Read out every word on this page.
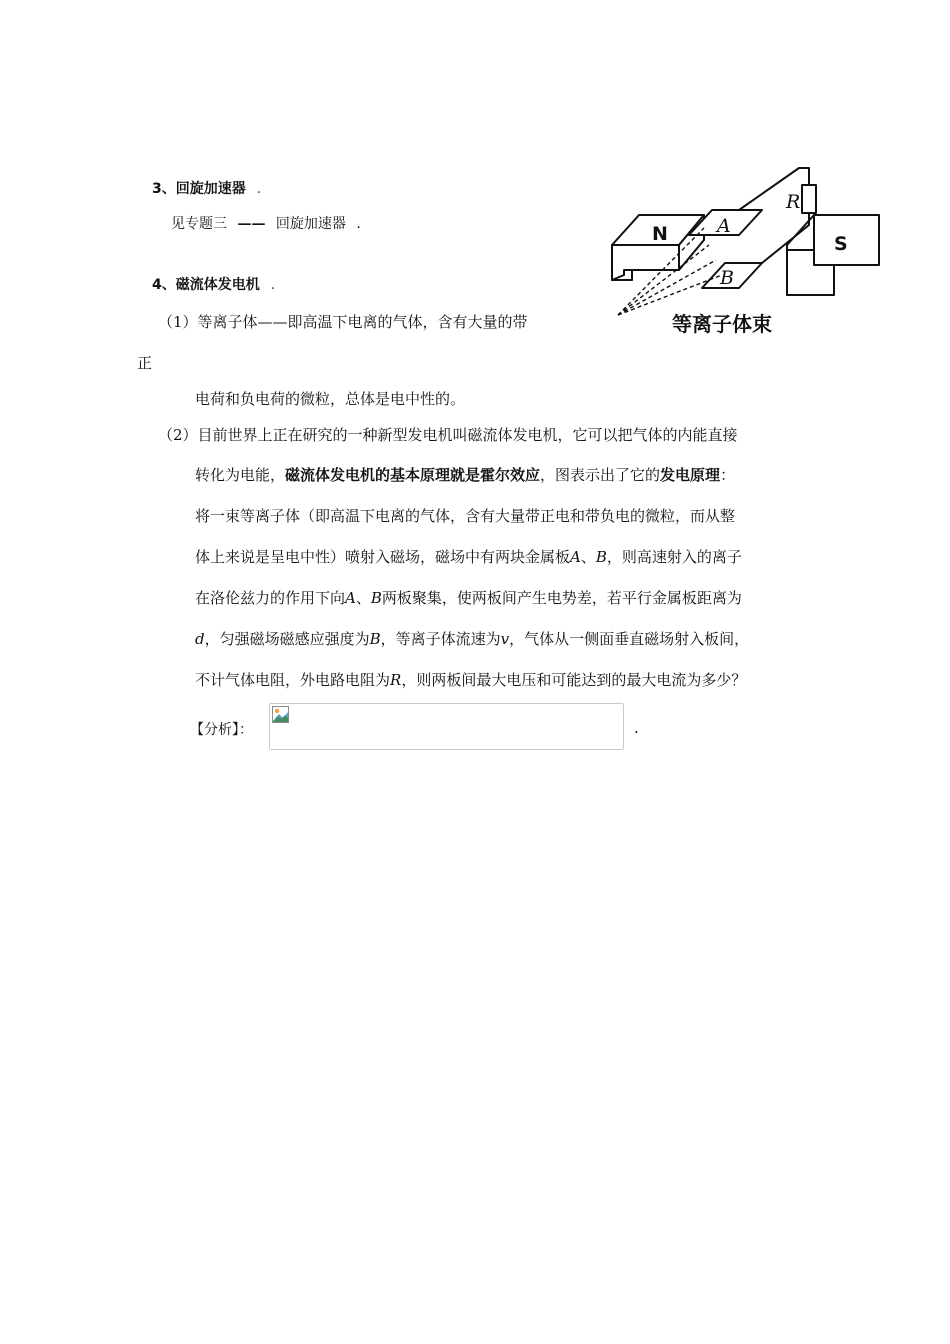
3、回旋加速器 .
见专题三 —— 回旋加速器 .
4、磁流体发电机 .
（1）等离子体——即高温下电离的气体，含有大量的带
正
电荷和负电荷的微粒，总体是电中性的。
（2）目前世界上正在研究的一种新型发电机叫磁流体发电机，它可以把气体的内能直接
转化为电能，磁流体发电机的基本原理就是霍尔效应，图表示出了它的发电原理：
将一束等离子体（即高温下电离的气体，含有大量带正电和带负电的微粒，而从整
体上来说是呈电中性）喷射入磁场，磁场中有两块金属板A、B，则高速射入的离子
在洛伦兹力的作用下向A、B两板聚集，使两板间产生电势差，若平行金属板距离为
d，匀强磁场磁感应强度为B，等离子体流速为v，气体从一侧面垂直磁场射入板间，
不计气体电阻，外电路电阻为R，则两板间最大电压和可能达到的最大电流为多少？
【分析】：	.
N	S
A
B
R
等离子体束
